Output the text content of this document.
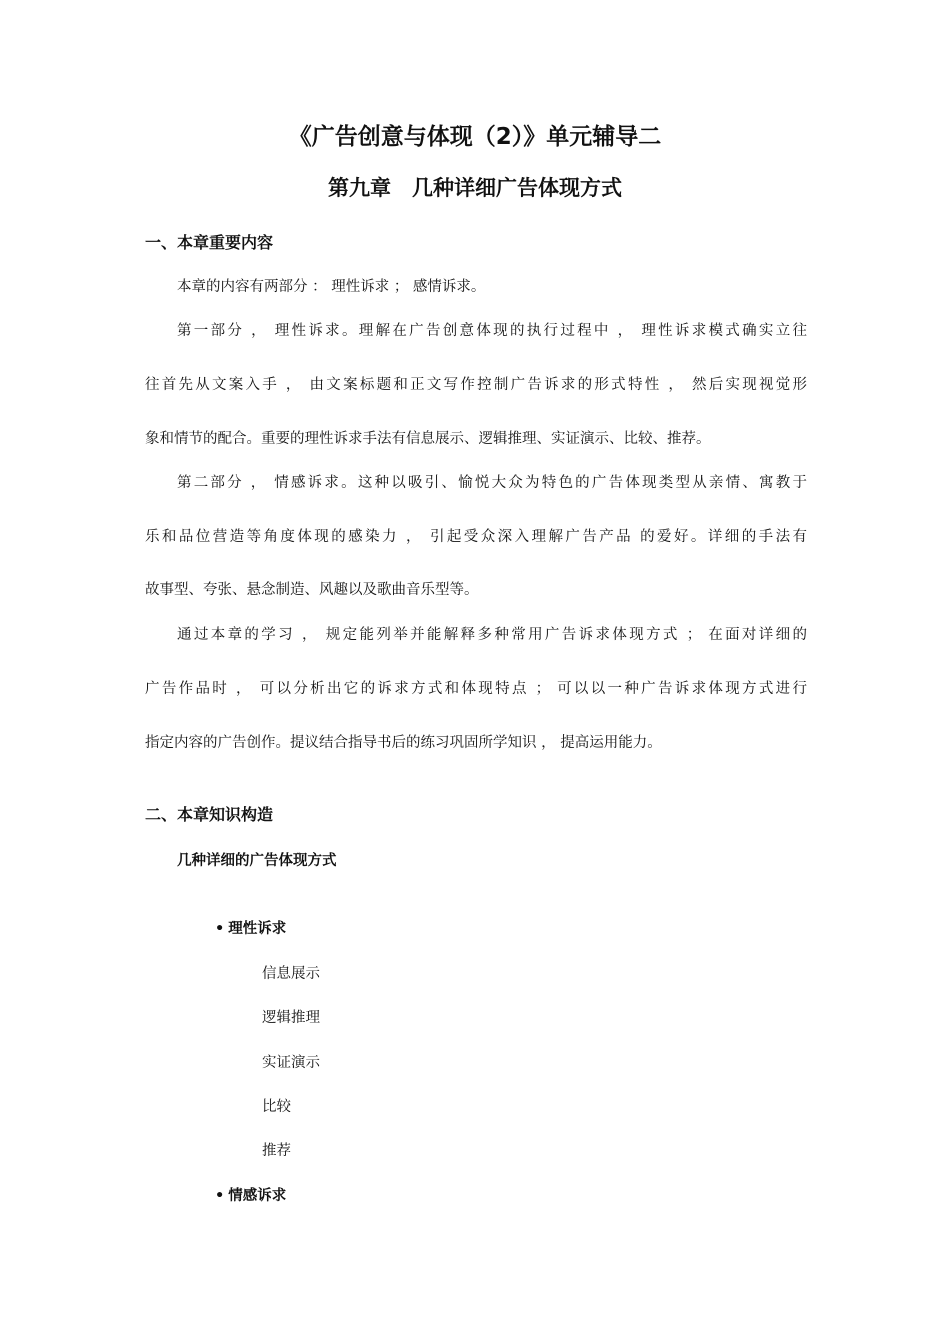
《广告创意与体现（2）》单元辅导二
第九章　几种详细广告体现方式
一、本章重要内容
本章的内容有两部分 ： 理性诉求 ； 感情诉求。
第一部分 ， 理性诉求。理解在广告创意体现的执行过程中 ， 理性诉求模式确实立往
往首先从文案入手 ， 由文案标题和正文写作控制广告诉求的形式特性 ， 然后实现视觉形
象和情节的配合。重要的理性诉求手法有信息展示、逻辑推理、实证演示、比较、推荐。
第二部分 ， 情感诉求。这种以吸引、愉悦大众为特色的广告体现类型从亲情、寓教于
乐和品位营造等角度体现的感染力 ， 引起受众深入理解广告产品 的爱好。详细的手法有
故事型、夸张、悬念制造、风趣以及歌曲音乐型等。
通过本章的学习 ， 规定能列举并能解释多种常用广告诉求体现方式 ； 在面对详细的
广告作品时 ， 可以分析出它的诉求方式和体现特点 ； 可以以一种广告诉求体现方式进行
指定内容的广告创作。提议结合指导书后的练习巩固所学知识 ， 提高运用能力。
二、本章知识构造
几种详细的广告体现方式
• 理性诉求
信息展示
逻辑推理
实证演示
比较
推荐
• 情感诉求
